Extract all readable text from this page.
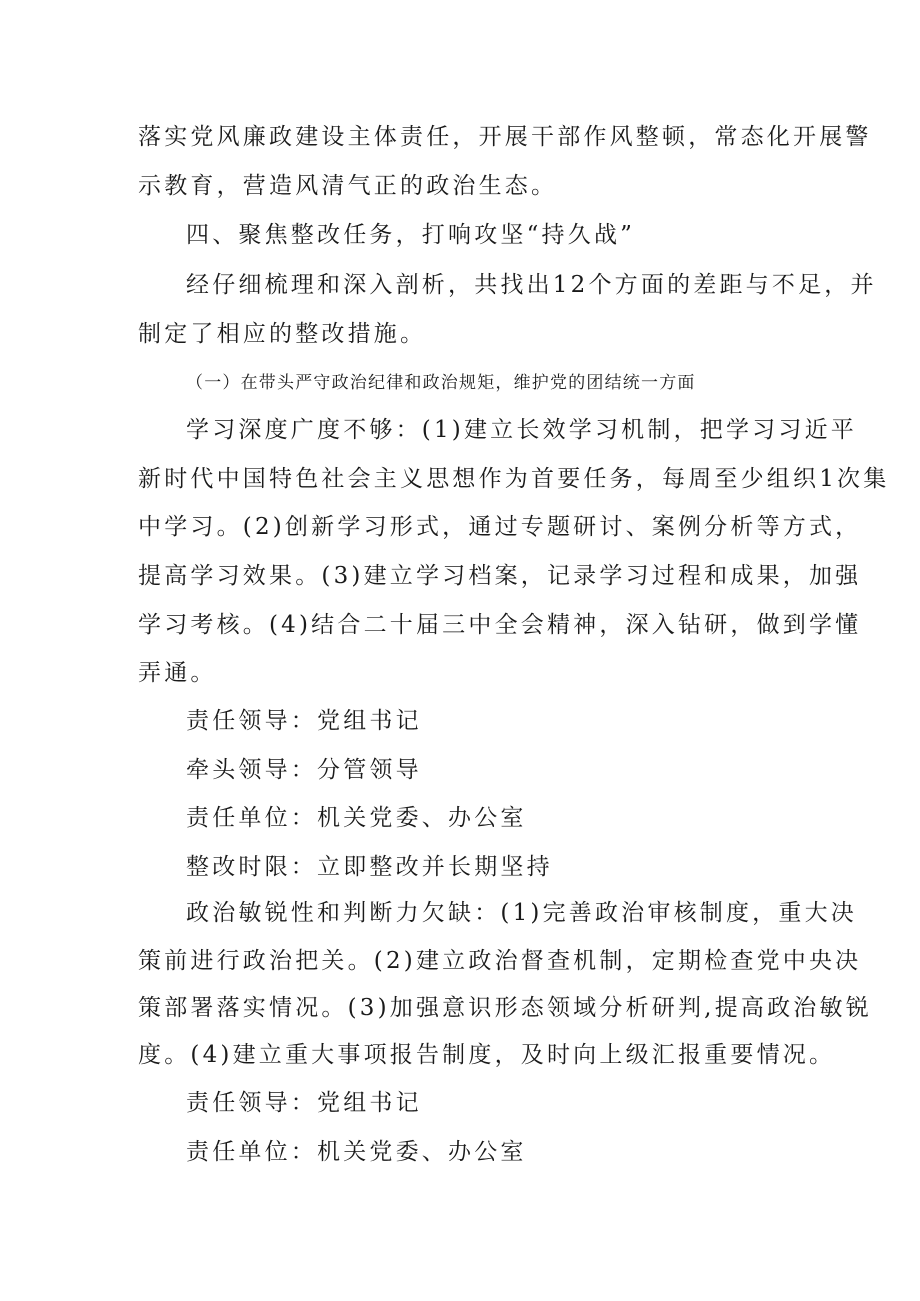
落实党风廉政建设主体责任，开展干部作风整顿，常态化开展警
示教育，营造风清气正的政治生态。
四、聚焦整改任务，打响攻坚“持久战”
经仔细梳理和深入剖析，共找出12个方面的差距与不足，并
制定了相应的整改措施。
（一）在带头严守政治纪律和政治规矩，维护党的团结统一方面
学习深度广度不够：(1)建立长效学习机制，把学习习近平
新时代中国特色社会主义思想作为首要任务，每周至少组织1次集
中学习。(2)创新学习形式，通过专题研讨、案例分析等方式，
提高学习效果。(3)建立学习档案，记录学习过程和成果，加强
学习考核。(4)结合二十届三中全会精神，深入钻研，做到学懂
弄通。
责任领导：党组书记
牵头领导：分管领导
责任单位：机关党委、办公室
整改时限：立即整改并长期坚持
政治敏锐性和判断力欠缺：(1)完善政治审核制度，重大决
策前进行政治把关。(2)建立政治督查机制，定期检查党中央决
策部署落实情况。(3)加强意识形态领域分析研判,提高政治敏锐
度。(4)建立重大事项报告制度，及时向上级汇报重要情况。
责任领导：党组书记
责任单位：机关党委、办公室
